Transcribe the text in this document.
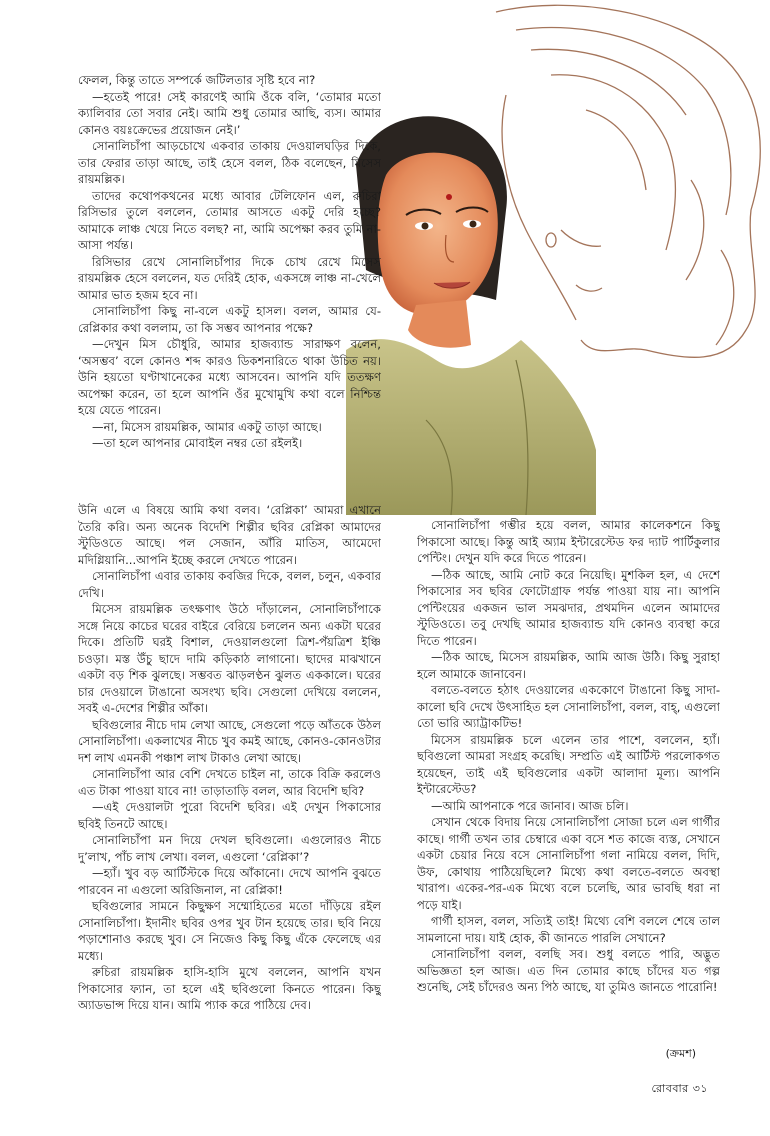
ফেলল, কিন্তু তাতে সম্পর্কে জটিলতার সৃষ্টি হবে না?

—হতেই পারে! সেই কারণেই আমি ওঁকে বলি, ‘তোমার মতো ক্যালিবার তো সবার নেই। আমি শুধু তোমার আছি, ব্যস। আমার কোনও বয়ঃক্রেভের প্রয়োজন নেই।’

সোনালিচাঁপা আড়চোখে একবার তাকায় দেওয়ালঘড়ির দিকে, তার ফেরার তাড়া আছে, তাই হেসে বলল, ঠিক বলেছেন, মিসেস রায়মল্লিক।

তাদের কথোপকথনের মধ্যে আবার টেলিফোন এল, রুচিরা রিসিভার তুলে বললেন, তোমার আসতে একটু দেরি হচ্ছে? আমাকে লাঞ্চ খেয়ে নিতে বলছ? না, আমি অপেক্ষা করব তুমি না-আসা পর্যন্ত।

রিসিভার রেখে সোনালিচাঁপার দিকে চোখ রেখে মিসেস রায়মল্লিক হেসে বললেন, যত দেরিই হোক, একসঙ্গে লাঞ্চ না-খেলে আমার ভাত হজম হবে না।

সোনালিচাঁপা কিছু না-বলে একটু হাসল। বলল, আমার যে-রেপ্লিকার কথা বললাম, তা কি সম্ভব আপনার পক্ষে?

—দেখুন মিস চৌধুরি, আমার হাজব্যান্ড সারাক্ষণ বলেন, ‘অসম্ভব’ বলে কোনও শব্দ কারও ডিকশনারিতে থাকা উচিত নয়। উনি হয়তো ঘণ্টাখানেকের মধ্যে আসবেন। আপনি যদি ততক্ষণ অপেক্ষা করেন, তা হলে আপনি ওঁর মুখোমুখি কথা বলে নিশ্চিন্ত হয়ে যেতে পারেন।

—না, মিসেস রায়মল্লিক, আমার একটু তাড়া আছে।

—তা হলে আপনার মোবাইল নম্বর তো রইলই।

উনি এলে এ বিষয়ে আমি কথা বলব। ‘রেপ্লিকা’ আমরা এখানে তৈরি করি। অন্য অনেক বিদেশি শিল্পীর ছবির রেপ্লিকা আমাদের স্টুডিওতে আছে। পল সেজান, আঁরি মাতিস, আমেদো মদিগ্লিয়ানি...আপনি ইচ্ছে করলে দেখতে পারেন।

সোনালিচাঁপা এবার তাকায় কবজির দিকে, বলল, চলুন, একবার দেখি।

মিসেস রায়মল্লিক তৎক্ষণাৎ উঠে দাঁড়ালেন, সোনালিচাঁপাকে সঙ্গে নিয়ে কাচের ঘরের বাইরে বেরিয়ে চললেন অন্য একটা ঘরের দিকে। প্রতিটি ঘরই বিশাল, দেওয়ালগুলো ত্রিশ-পঁয়ত্রিশ ইঞ্চি চওড়া। মস্ত উঁচু ছাদে দামি কড়িকাঠ লাগানো। ছাদের মাঝখানে একটা বড় শিক ঝুলছে। সম্ভবত ঝাড়লণ্ঠন ঝুলত এককালে। ঘরের চার দেওয়ালে টাঙানো অসংখ্য ছবি। সেগুলো দেখিয়ে বললেন, সবই এ-দেশের শিল্পীর আঁকা।

ছবিগুলোর নীচে দাম লেখা আছে, সেগুলো পড়ে আঁতকে উঠল সোনালিচাঁপা। একলাখের নীচে খুব কমই আছে, কোনও-কোনওটার দশ লাখ এমনকী পঞ্চাশ লাখ টাকাও লেখা আছে।

সোনালিচাঁপা আর বেশি দেখতে চাইল না, তাকে বিক্রি করলেও এত টাকা পাওয়া যাবে না! তাড়াতাড়ি বলল, আর বিদেশি ছবি?

—এই দেওয়ালটা পুরো বিদেশি ছবির। এই দেখুন পিকাসোর ছবিই তিনটে আছে।

সোনালিচাঁপা মন দিয়ে দেখল ছবিগুলো। এগুলোরও নীচে দু’লাখ, পাঁচ লাখ লেখা। বলল, এগুলো ‘রেপ্লিকা’?

—হ্যাঁ। খুব বড় আর্টিস্টকে দিয়ে আঁকানো। দেখে আপনি বুঝতে পারবেন না এগুলো অরিজিনাল, না রেপ্লিকা!

ছবিগুলোর সামনে কিছুক্ষণ সম্মোহিতের মতো দাঁড়িয়ে রইল সোনালিচাঁপা। ইদানীং ছবির ওপর খুব টান হয়েছে তার। ছবি নিয়ে পড়াশোনাও করছে খুব। সে নিজেও কিছু কিছু এঁকে ফেলেছে এর মধ্যে।

রুচিরা রায়মল্লিক হাসি-হাসি মুখে বললেন, আপনি যখন পিকাসোর ফ্যান, তা হলে এই ছবিগুলো কিনতে পারেন। কিছু অ্যাডভান্স দিয়ে যান। আমি প্যাক করে পাঠিয়ে দেব।

সোনালিচাঁপা গম্ভীর হয়ে বলল, আমার কালেকশনে কিছু পিকাসো আছে। কিন্তু আই অ্যাম ইন্টারেস্টেড ফর দ্যাট পার্টিকুলার পেন্টিং। দেখুন যদি করে দিতে পারেন।

—ঠিক আছে, আমি নোট করে নিয়েছি। মুশকিল হল, এ দেশে পিকাসোর সব ছবির ফোটোগ্রাফ পর্যন্ত পাওয়া যায় না। আপনি পেন্টিংয়ের একজন ভাল সমঝদার, প্রথমদিন এলেন আমাদের স্টুডিওতে। তবু দেখছি আমার হাজব্যান্ড যদি কোনও ব্যবস্থা করে দিতে পারেন।

—ঠিক আছে, মিসেস রায়মল্লিক, আমি আজ উঠি। কিছু সুরাহা হলে আমাকে জানাবেন।

বলতে-বলতে হঠাৎ দেওয়ালের এককোণে টাঙানো কিছু সাদা-কালো ছবি দেখে উৎসাহিত হল সোনালিচাঁপা, বলল, বাহ্, এগুলো তো ভারি অ্যাট্রাকটিভ!

মিসেস রায়মল্লিক চলে এলেন তার পাশে, বললেন, হ্যাঁ। ছবিগুলো আমরা সংগ্রহ করেছি। সম্প্রতি এই আর্টিস্ট পরলোকগত হয়েছেন, তাই এই ছবিগুলোর একটা আলাদা মূল্য। আপনি ইন্টারেস্টেড?

—আমি আপনাকে পরে জানাব। আজ চলি।

সেখান থেকে বিদায় নিয়ে সোনালিচাঁপা সোজা চলে এল গার্গীর কাছে। গার্গী তখন তার চেম্বারে একা বসে শত কাজে ব্যস্ত, সেখানে একটা চেয়ার নিয়ে বসে সোনালিচাঁপা গলা নামিয়ে বলল, দিদি, উফ, কোথায় পাঠিয়েছিলে? মিথ্যে কথা বলতে-বলতে অবস্থা খারাপ। একের-পর-এক মিথ্যে বলে চলেছি, আর ভাবছি ধরা না পড়ে যাই।

গার্গী হাসল, বলল, সত্যিই তাই! মিথ্যে বেশি বললে শেষে তাল সামলানো দায়। যাই হোক, কী জানতে পারলি সেখানে?

সোনালিচাঁপা বলল, বলছি সব। শুধু বলতে পারি, অদ্ভুত অভিজ্ঞতা হল আজ। এত দিন তোমার কাছে চাঁদের যত গল্প শুনেছি, সেই চাঁদেরও অন্য পিঠ আছে, যা তুমিও জানতে পারোনি!

(ক্রমশ)
রোববার ৩১
